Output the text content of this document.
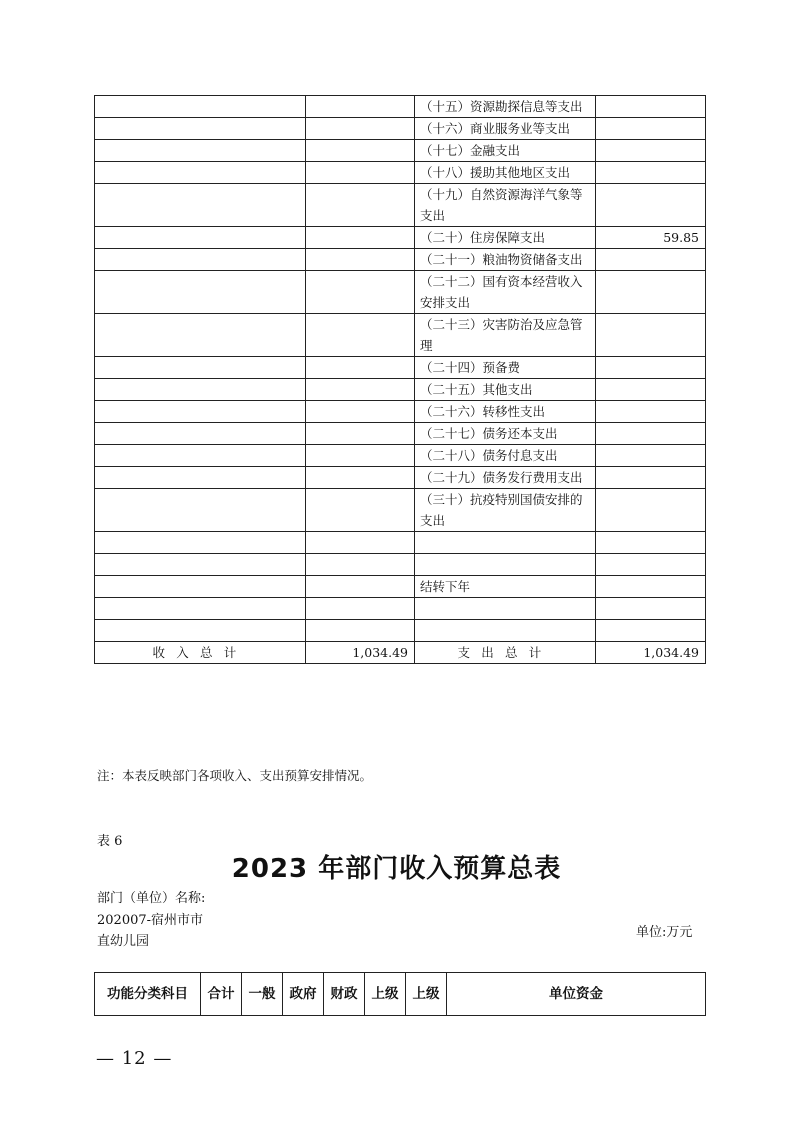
		（十五）资源勘探信息等支出	
		（十六）商业服务业等支出	
		（十七）金融支出	
		（十八）援助其他地区支出	
		（十九）自然资源海洋气象等支出	
		（二十）住房保障支出	59.85
		（二十一）粮油物资储备支出	
		（二十二）国有资本经营收入安排支出	
		（二十三）灾害防治及应急管理	
		（二十四）预备费	
		（二十五）其他支出	
		（二十六）转移性支出	
		（二十七）债务还本支出	
		（二十八）债务付息支出	
		（二十九）债务发行费用支出	
		（三十）抗疫特别国债安排的支出	

		结转下年	

收入总计	1,034.49	支出总计	1,034.49
注：本表反映部门各项收入、支出预算安排情况。
表 6
2023 年部门收入预算总表
部门（单位）名称:202007-宿州市市直幼儿园
单位:万元
功能分类科目	合计	一般	政府	财政	上级	上级	单位资金
— 12 —
